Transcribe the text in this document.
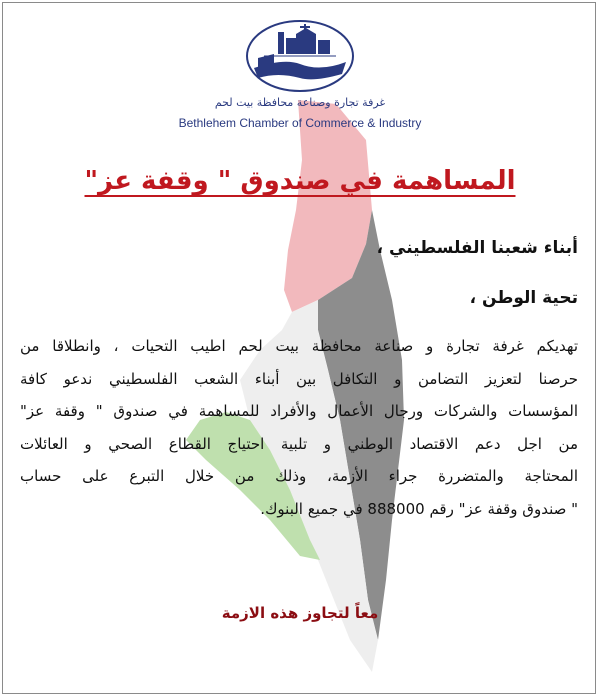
غرفة تجارة وصناعة محافظة بيت لحم
Bethlehem Chamber of Commerce & Industry
المساهمة في صندوق " وقفة عز"
أبناء شعبنا الفلسطيني ،
تحية الوطن ،
تهديكم غرفة تجارة و صناعة محافظة بيت لحم اطيب التحيات ، وانطلاقا من
حرصنا لتعزيز التضامن و التكافل بين أبناء الشعب الفلسطيني ندعو كافة
المؤسسات والشركات ورجال الأعمال والأفراد للمساهمة في صندوق " وقفة عز"
من اجل دعم الاقتصاد الوطني و تلبية احتياج القطاع الصحي و العائلات
المحتاجة والمتضررة جراء الأزمة، وذلك من خلال التبرع على حساب
" صندوق وقفة عز" رقم 888000 في جميع البنوك.
معاً لتجاوز هذه الازمة
